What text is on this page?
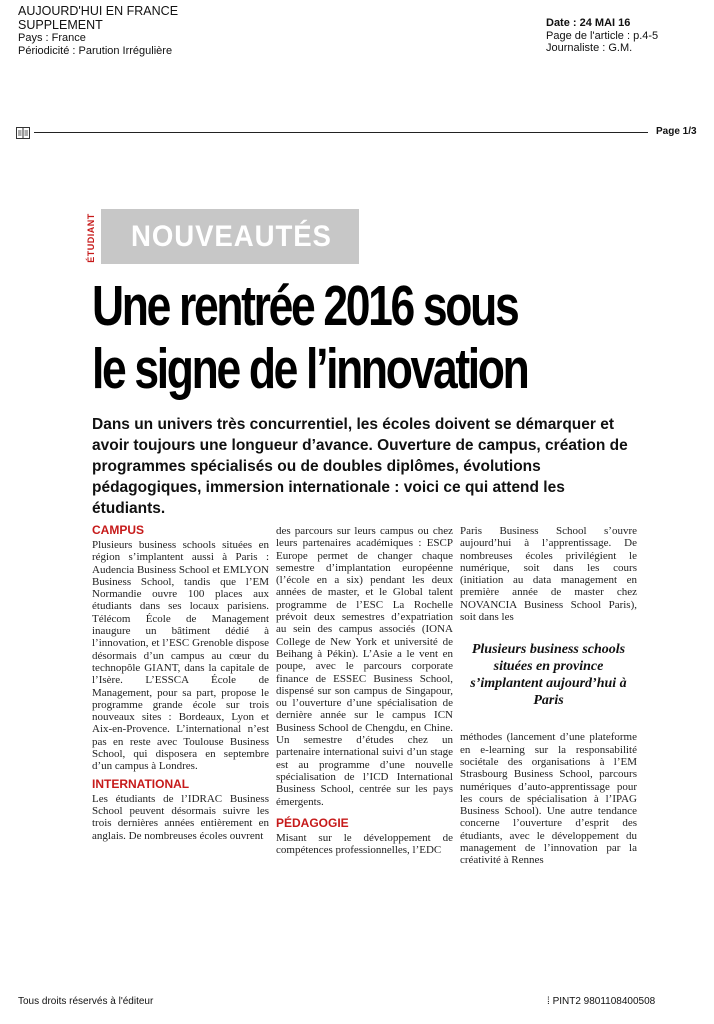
AUJOURD'HUI EN FRANCE
SUPPLEMENT
Pays : France
Périodicité : Parution Irrégulière
Date : 24 MAI 16
Page de l'article : p.4-5
Journaliste : G.M.
Page 1/3
ÉTUDIANT NOUVEAUTÉS
Une rentrée 2016 sous
le signe de l’innovation
Dans un univers très concurrentiel, les écoles doivent se démarquer et avoir toujours une longueur d’avance. Ouverture de campus, création de programmes spécialisés ou de doubles diplômes, évolutions pédagogiques, immersion internationale : voici ce qui attend les étudiants.
CAMPUS

Plusieurs business schools situées en région s’implantent aussi à Paris : Audencia Business School et EMLYON Business School, tandis que l’EM Normandie ouvre 100 places aux étudiants dans ses locaux parisiens. Télécom École de Management inaugure un bâtiment dédié à l’innovation, et l’ESC Grenoble dispose désormais d’un campus au cœur du technopôle GIANT, dans la capitale de l’Isère. L’ESSCA École de Management, pour sa part, propose le programme grande école sur trois nouveaux sites : Bordeaux, Lyon et Aix-en-Provence. L’international n’est pas en reste avec Toulouse Business School, qui disposera en septembre d’un campus à Londres.

INTERNATIONAL

Les étudiants de l’IDRAC Business School peuvent désormais suivre les trois dernières années entièrement en anglais. De nombreuses écoles ouvrent

des parcours sur leurs campus ou chez leurs partenaires académiques : ESCP Europe permet de changer chaque semestre d’implantation européenne (l’école en a six) pendant les deux années de master, et le Global talent programme de l’ESC La Rochelle prévoit deux semestres d’expatriation au sein des campus associés (IONA College de New York et université de Beihang à Pékin). L’Asie a le vent en poupe, avec le parcours corporate finance de ESSEC Business School, dispensé sur son campus de Singapour, ou l’ouverture d’une spécialisation de dernière année sur le campus ICN Business School de Chengdu, en Chine. Un semestre d’études chez un partenaire international suivi d’un stage est au programme d’une nouvelle spécialisation de l’ICD International Business School, centrée sur les pays émergents.

PÉDAGOGIE

Misant sur le développement de compétences professionnelles, l’EDC

Paris Business School s’ouvre aujourd’hui à l’apprentissage. De nombreuses écoles privilégient le numérique, soit dans les cours (initiation au data management en première année de master chez NOVANCIA Business School Paris), soit dans les

Plusieurs business schools situées en province s’implantent aujourd’hui à Paris

méthodes (lancement d’une plateforme en e-learning sur la responsabilité sociétale des organisations à l’EM Strasbourg Business School, parcours numériques d’auto-apprentissage pour les cours de spécialisation à l’IPAG Business School). Une autre tendance concerne l’ouverture d’esprit des étudiants, avec le développement du management de l’innovation par la créativité à Rennes

Tous droits réservés à l'éditeur	⁞ PINT2 9801108400508
